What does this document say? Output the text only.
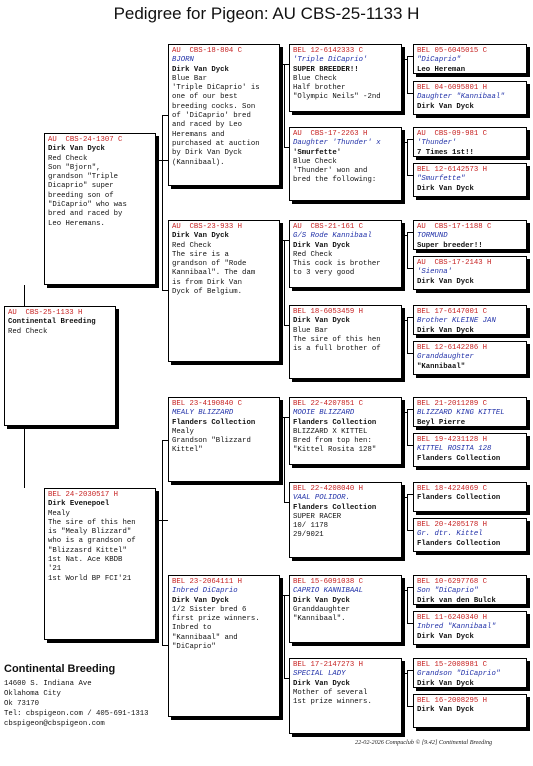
Pedigree for Pigeon: AU CBS-25-1133 H
AU  CBS-25-1133 H
Continental Breeding
Red Check
AU  CBS-24-1307 C
Dirk Van Dyck
Red Check
Son "Bjorn",
grandson "Triple
Dicaprio" super
breeding son of
"DiCaprio" who was
bred and raced by
Leo Heremans.
BEL 24-2030517 H
Dirk Evenepoel
Mealy
The sire of this hen
is "Mealy Blizzard"
who is a grandson of
"Blizzasrd Kittel"
1st Nat. Ace KBDB
'21
1st World BP FCI'21
AU  CBS-18-804 C
BJORN
Dirk Van Dyck
Blue Bar
'Triple DiCaprio' is
one of our best
breeding cocks. Son
of 'DiCaprio' bred
and raced by Leo
Heremans and
purchased at auction
by Dirk Van Dyck
(Kannibaal).
AU  CBS-23-933 H
Dirk Van Dyck
Red Check
The sire is a
grandson of "Rode
Kannibaal". The dam
is from Dirk Van
Dyck of Belgium.
BEL 23-4190840 C
MEALY BLIZZARD
Flanders Collection
Mealy
Grandson "Blizzard
Kittel"
BEL 23-2064111 H
Inbred DiCaprio
Dirk Van Dyck
1/2 Sister bred 6
first prize winners.
Inbred to
"Kannibaal" and
"DiCaprio"
BEL 12-6142333 C
'Triple DiCaprio'
SUPER BREEDER!!
Blue Check
Half brother
"Olympic Neils" -2nd
AU  CBS-17-2263 H
Daughter 'Thunder' x
'Smurfette'
Blue Check
'Thunder' won and
bred the following:
AU  CBS-21-161 C
G/S Rode Kannibaal
Dirk Van Dyck
Red Check
This cock is brother
to 3 very good
BEL 18-6053459 H
Dirk Van Dyck
Blue Bar
The sire of this hen
is a full brother of
BEL 22-4207851 C
MOOIE BLIZZARD
Flanders Collection
BLIZZARD X KITTEL
Bred from top hen:
"Kittel Rosita 128"
BEL 22-4208040 H
VAAL POLIDOR.
Flanders Collection
SUPER RACER
10/ 1178
29/9021
BEL 15-6091038 C
CAPRIO KANNIBAAL
Dirk Van Dyck
Granddaughter
"Kannibaal".
BEL 17-2147273 H
SPECIAL LADY
Dirk Van Dyck
Mother of several
1st prize winners.
BEL 05-6045015 C
"DiCaprio"
Leo Hereman
BEL 04-6095801 H
Daughter "Kannibaal"
Dirk Van Dyck
AU  CBS-09-981 C
'Thunder'
7 Times 1st!!
BEL 12-6142573 H
"Smurfette"
Dirk Van Dyck
AU  CBS-17-1188 C
TORMUND
Super breeder!!
AU  CBS-17-2143 H
'Sienna'
Dirk Van Dyck
BEL 17-6147001 C
Brother KLEINE JAN
Dirk Van Dyck
BEL 12-6142286 H
Granddaughter
"Kannibaal"
BEL 21-2011289 C
BLIZZARD KING KITTEL
Beyl Pierre
BEL 19-4231128 H
KITTEL ROSITA 128
Flanders Collection
BEL 18-4224069 C
Flanders Collection
BEL 20-4205178 H
Gr. dtr. Kittel
Flanders Collection
BEL 10-6297768 C
Son "DiCaprio"
Dirk van den Bulck
BEL 11-6240340 H
Inbred "Kannibaal"
Dirk Van Dyck
BEL 15-2008981 C
Grandson "DiCaprio"
Dirk Van Dyck
BEL 16-2008295 H
Dirk Van Dyck
Continental Breeding
14600 S. Indiana Ave
Oklahoma City
Ok 73170
Tel: cbspigeon.com / 405-691-1313
cbspigeon@cbspigeon.com
22-02-2026 Compuclub © [9.42] Continental Breeding
